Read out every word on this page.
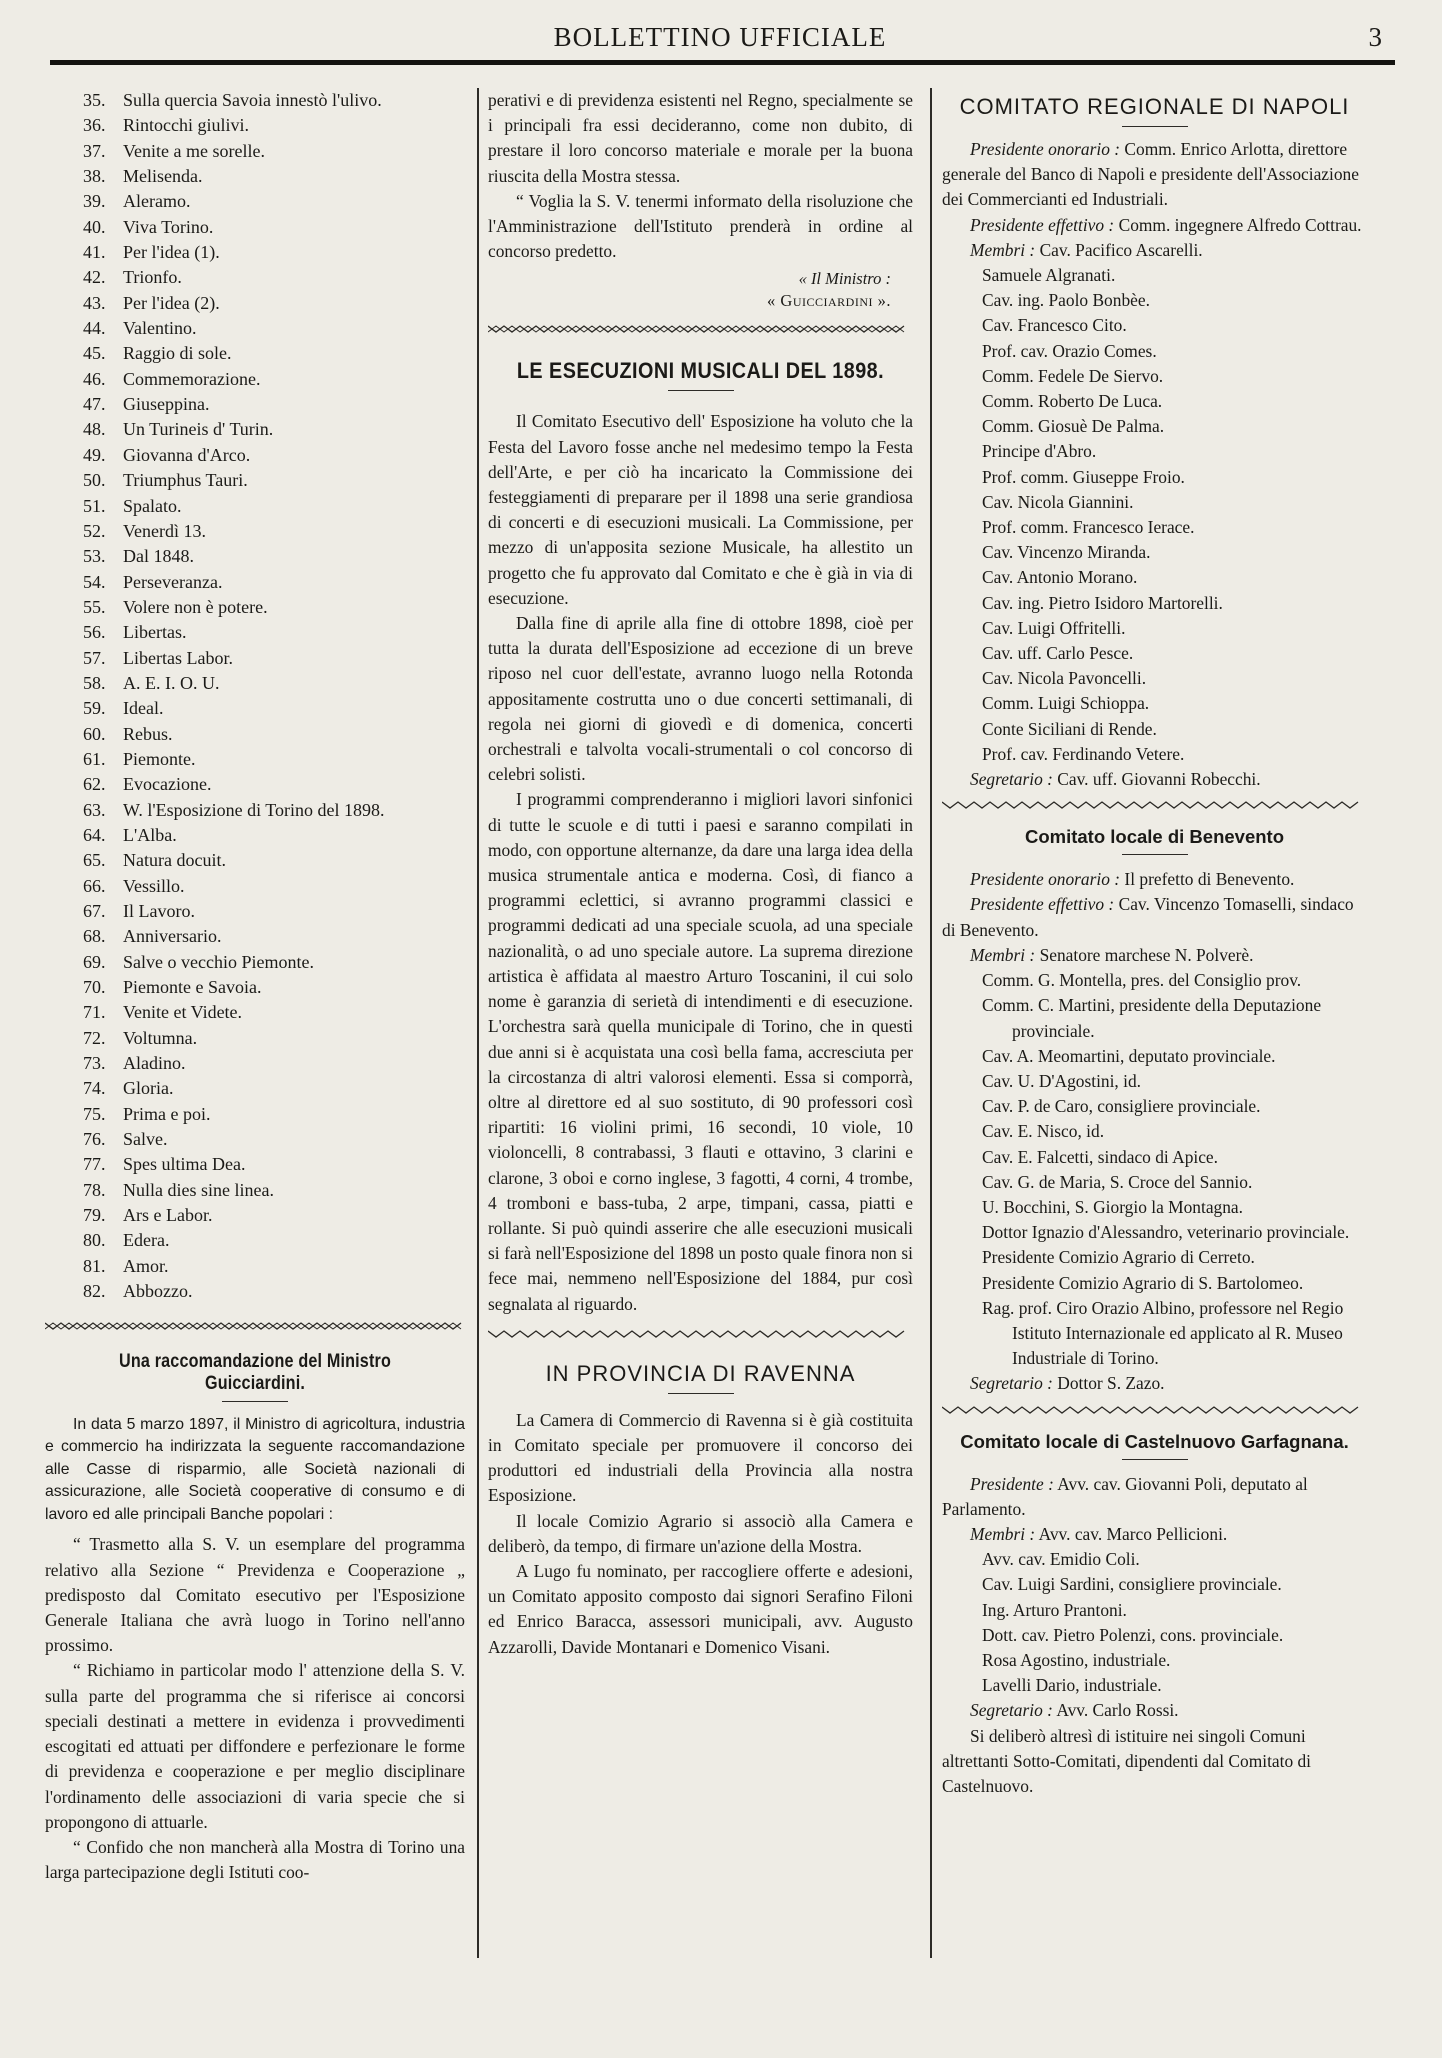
BOLLETTINO UFFICIALE	3
35. Sulla quercia Savoia innestò l'ulivo.
36. Rintocchi giulivi.
37. Venite a me sorelle.
38. Melisenda.
39. Aleramo.
40. Viva Torino.
41. Per l'idea (1).
42. Trionfo.
43. Per l'idea (2).
44. Valentino.
45. Raggio di sole.
46. Commemorazione.
47. Giuseppina.
48. Un Turineis d' Turin.
49. Giovanna d'Arco.
50. Triumphus Tauri.
51. Spalato.
52. Venerdì 13.
53. Dal 1848.
54. Perseveranza.
55. Volere non è potere.
56. Libertas.
57. Libertas Labor.
58. A. E. I. O. U.
59. Ideal.
60. Rebus.
61. Piemonte.
62. Evocazione.
63. W. l'Esposizione di Torino del 1898.
64. L'Alba.
65. Natura docuit.
66. Vessillo.
67. Il Lavoro.
68. Anniversario.
69. Salve o vecchio Piemonte.
70. Piemonte e Savoia.
71. Venite et Videte.
72. Voltumna.
73. Aladino.
74. Gloria.
75. Prima e poi.
76. Salve.
77. Spes ultima Dea.
78. Nulla dies sine linea.
79. Ars e Labor.
80. Edera.
81. Amor.
82. Abbozzo.
Una raccomandazione del Ministro Guicciardini.

In data 5 marzo 1897, il Ministro di agricoltura, industria e commercio ha indirizzata la seguente raccomandazione alle Casse di risparmio, alle Società nazionali di assicurazione, alle Società cooperative di consumo e di lavoro ed alle principali Banche popolari :

“ Trasmetto alla S. V. un esemplare del programma relativo alla Sezione “ Previdenza e Cooperazione „ predisposto dal Comitato esecutivo per l'Esposizione Generale Italiana che avrà luogo in Torino nell'anno prossimo.

“ Richiamo in particolar modo l' attenzione della S. V. sulla parte del programma che si riferisce ai concorsi speciali destinati a mettere in evidenza i provvedimenti escogitati ed attuati per diffondere e perfezionare le forme di previdenza e cooperazione e per meglio disciplinare l'ordinamento delle associazioni di varia specie che si propongono di attuarle.

“ Confido che non mancherà alla Mostra di Torino una larga partecipazione degli Istituti coo-

perativi e di previdenza esistenti nel Regno, specialmente se i principali fra essi decideranno, come non dubito, di prestare il loro concorso materiale e morale per la buona riuscita della Mostra stessa.

“ Voglia la S. V. tenermi informato della risoluzione che l'Amministrazione dell'Istituto prenderà in ordine al concorso predetto.

« Il Ministro :
« Guicciardini ».
LE ESECUZIONI MUSICALI DEL 1898.

Il Comitato Esecutivo dell' Esposizione ha voluto che la Festa del Lavoro fosse anche nel medesimo tempo la Festa dell'Arte, e per ciò ha incaricato la Commissione dei festeggiamenti di preparare per il 1898 una serie grandiosa di concerti e di esecuzioni musicali. La Commissione, per mezzo di un'apposita sezione Musicale, ha allestito un progetto che fu approvato dal Comitato e che è già in via di esecuzione.

Dalla fine di aprile alla fine di ottobre 1898, cioè per tutta la durata dell'Esposizione ad eccezione di un breve riposo nel cuor dell'estate, avranno luogo nella Rotonda appositamente costrutta uno o due concerti settimanali, di regola nei giorni di giovedì e di domenica, concerti orchestrali e talvolta vocali-strumentali o col concorso di celebri solisti.

I programmi comprenderanno i migliori lavori sinfonici di tutte le scuole e di tutti i paesi e saranno compilati in modo, con opportune alternanze, da dare una larga idea della musica strumentale antica e moderna. Così, di fianco a programmi eclettici, si avranno programmi classici e programmi dedicati ad una speciale scuola, ad una speciale nazionalità, o ad uno speciale autore. La suprema direzione artistica è affidata al maestro Arturo Toscanini, il cui solo nome è garanzia di serietà di intendimenti e di esecuzione. L'orchestra sarà quella municipale di Torino, che in questi due anni si è acquistata una così bella fama, accresciuta per la circostanza di altri valorosi elementi. Essa si comporrà, oltre al direttore ed al suo sostituto, di 90 professori così ripartiti: 16 violini primi, 16 secondi, 10 viole, 10 violoncelli, 8 contrabassi, 3 flauti e ottavino, 3 clarini e clarone, 3 oboi e corno inglese, 3 fagotti, 4 corni, 4 trombe, 4 tromboni e bass-tuba, 2 arpe, timpani, cassa, piatti e rollante. Si può quindi asserire che alle esecuzioni musicali si farà nell'Esposizione del 1898 un posto quale finora non si fece mai, nemmeno nell'Esposizione del 1884, pur così segnalata al riguardo.

IN PROVINCIA DI RAVENNA

La Camera di Commercio di Ravenna si è già costituita in Comitato speciale per promuovere il concorso dei produttori ed industriali della Provincia alla nostra Esposizione.

Il locale Comizio Agrario si associò alla Camera e deliberò, da tempo, di firmare un'azione della Mostra.

A Lugo fu nominato, per raccogliere offerte e adesioni, un Comitato apposito composto dai signori Serafino Filoni ed Enrico Baracca, assessori municipali, avv. Augusto Azzarolli, Davide Montanari e Domenico Visani.

COMITATO REGIONALE DI NAPOLI

Presidente onorario : Comm. Enrico Arlotta, direttore generale del Banco di Napoli e presidente dell'Associazione dei Commercianti ed Industriali.

Presidente effettivo : Comm. ingegnere Alfredo Cottrau.

Membri : Cav. Pacifico Ascarelli.

Samuele Algranati.
Cav. ing. Paolo Bonbèe.
Cav. Francesco Cito.
Prof. cav. Orazio Comes.
Comm. Fedele De Siervo.
Comm. Roberto De Luca.
Comm. Giosuè De Palma.
Principe d'Abro.
Prof. comm. Giuseppe Froio.
Cav. Nicola Giannini.
Prof. comm. Francesco Ierace.
Cav. Vincenzo Miranda.
Cav. Antonio Morano.
Cav. ing. Pietro Isidoro Martorelli.
Cav. Luigi Offritelli.
Cav. uff. Carlo Pesce.
Cav. Nicola Pavoncelli.
Comm. Luigi Schioppa.
Conte Siciliani di Rende.
Prof. cav. Ferdinando Vetere.

Segretario : Cav. uff. Giovanni Robecchi.

Comitato locale di Benevento

Presidente onorario : Il prefetto di Benevento.

Presidente effettivo : Cav. Vincenzo Tomaselli, sindaco di Benevento.

Membri : Senatore marchese N. Polverè.

Comm. G. Montella, pres. del Consiglio prov.
Comm. C. Martini, presidente della Deputazione provinciale.
Cav. A. Meomartini, deputato provinciale.
Cav. U. D'Agostini, id.
Cav. P. de Caro, consigliere provinciale.
Cav. E. Nisco, id.
Cav. E. Falcetti, sindaco di Apice.
Cav. G. de Maria, S. Croce del Sannio.
U. Bocchini, S. Giorgio la Montagna.
Dottor Ignazio d'Alessandro, veterinario provinciale.
Presidente Comizio Agrario di Cerreto.
Presidente Comizio Agrario di S. Bartolomeo.
Rag. prof. Ciro Orazio Albino, professore nel Regio Istituto Internazionale ed applicato al R. Museo Industriale di Torino.

Segretario : Dottor S. Zazo.

Comitato locale di Castelnuovo Garfagnana.

Presidente : Avv. cav. Giovanni Poli, deputato al Parlamento.

Membri : Avv. cav. Marco Pellicioni.

Avv. cav. Emidio Coli.
Cav. Luigi Sardini, consigliere provinciale.
Ing. Arturo Prantoni.
Dott. cav. Pietro Polenzi, cons. provinciale.
Rosa Agostino, industriale.
Lavelli Dario, industriale.

Segretario : Avv. Carlo Rossi.

Si deliberò altresì di istituire nei singoli Comuni altrettanti Sotto-Comitati, dipendenti dal Comitato di Castelnuovo.
